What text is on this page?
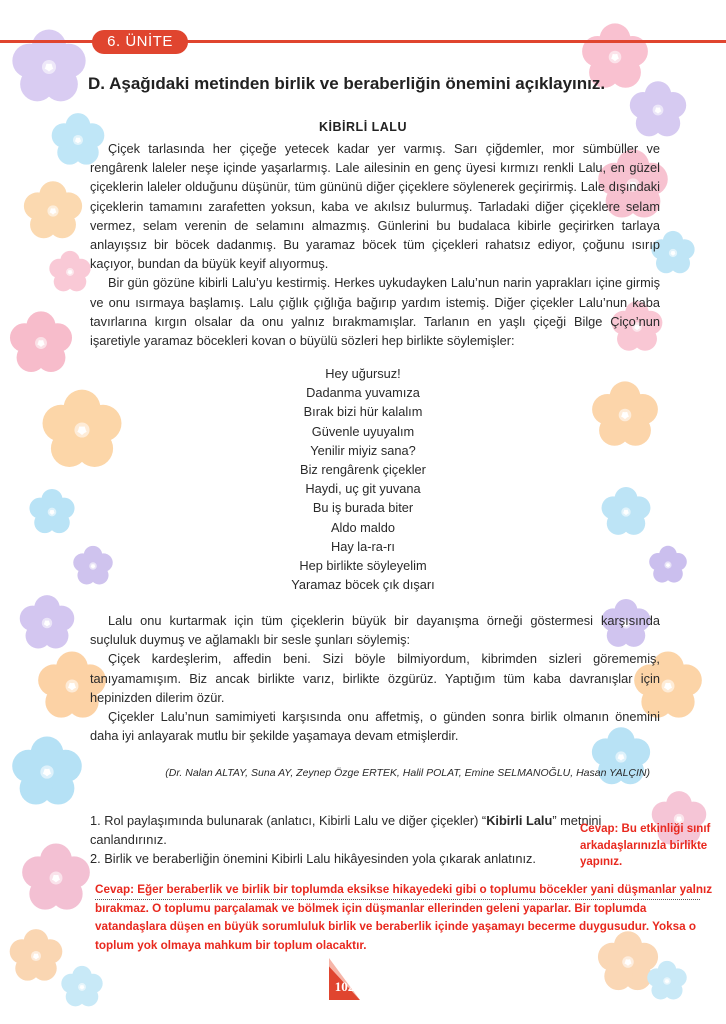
6. ÜNİTE
D. Aşağıdaki metinden birlik ve beraberliğin önemini açıklayınız.
KİBİRLİ LALU

Çiçek tarlasında her çiçeğe yetecek kadar yer varmış. Sarı çiğdemler, mor sümbüller ve rengârenk laleler neşe içinde yaşarlarmış. Lale ailesinin en genç üyesi kırmızı renkli Lalu, en güzel çiçeklerin laleler olduğunu düşünür, tüm gününü diğer çiçeklere söylenerek geçirirmiş. Lale dışındaki çiçeklerin tamamını zarafetten yoksun, kaba ve akılsız bulurmuş. Tarladaki diğer çiçeklere selam vermez, selam verenin de selamını almazmış. Günlerini bu budalaca kibirle geçirirken tarlaya anlayışsız bir böcek dadanmış. Bu yaramaz böcek tüm çiçekleri rahatsız ediyor, çoğunu ısırıp kaçıyor, bundan da büyük keyif alıyormuş.

Bir gün gözüne kibirli Lalu’yu kestirmiş. Herkes uykudayken Lalu’nun narin yaprakları içine girmiş ve onu ısırmaya başlamış. Lalu çığlık çığlığa bağırıp yardım istemiş. Diğer çiçekler Lalu’nun kaba tavırlarına kırgın olsalar da onu yalnız bırakmamışlar. Tarlanın en yaşlı çiçeği Bilge Çiço’nun işaretiyle yaramaz böcekleri kovan o büyülü sözleri hep birlikte söylemişler:

Hey uğursuz!
Dadanma yuvamıza
Bırak bizi hür kalalım
Güvenle uyuyalım
Yenilir miyiz sana?
Biz rengârenk çiçekler
Haydi, uç git yuvana
Bu iş burada biter
Aldo maldo
Hay la-ra-rı
Hep birlikte söyleyelim
Yaramaz böcek çık dışarı

Lalu onu kurtarmak için tüm çiçeklerin büyük bir dayanışma örneği göstermesi karşısında suçluluk duymuş ve ağlamaklı bir sesle şunları söylemiş:

Çiçek kardeşlerim, affedin beni. Sizi böyle bilmiyordum, kibrimden sizleri görememiş, tanıyamamışım. Biz ancak birlikte varız, birlikte özgürüz. Yaptığım tüm kaba davranışlar için hepinizden dilerim özür.

Çiçekler Lalu’nun samimiyeti karşısında onu affetmiş, o günden sonra birlik olmanın önemini daha iyi anlayarak mutlu bir şekilde yaşamaya devam etmişlerdir.

(Dr. Nalan ALTAY, Suna AY, Zeynep Özge ERTEK, Halil POLAT, Emine SELMANOĞLU, Hasan YALÇIN)

1. Rol paylaşımında bulunarak (anlatıcı, Kibirli Lalu ve diğer çiçekler) “Kibirli Lalu” metnini canlandırınız.

2. Birlik ve beraberliğin önemini Kibirli Lalu hikâyesinden yola çıkarak anlatınız.

Cevap: Bu etkinliği sınıf arkadaşlarınızla birlikte yapınız.
Cevap: Eğer beraberlik ve birlik bir toplumda eksikse hikayedeki gibi o toplumu böcekler yani düşmanlar yalnız bırakmaz. O toplumu parçalamak ve bölmek için düşmanlar ellerinden geleni yaparlar. Bir toplumda vatandaşlara düşen en büyük sorumluluk birlik ve beraberlik içinde yaşamayı becerme duygusudur. Yoksa o toplum yok olmaya mahkum bir toplum olacaktır.
102
